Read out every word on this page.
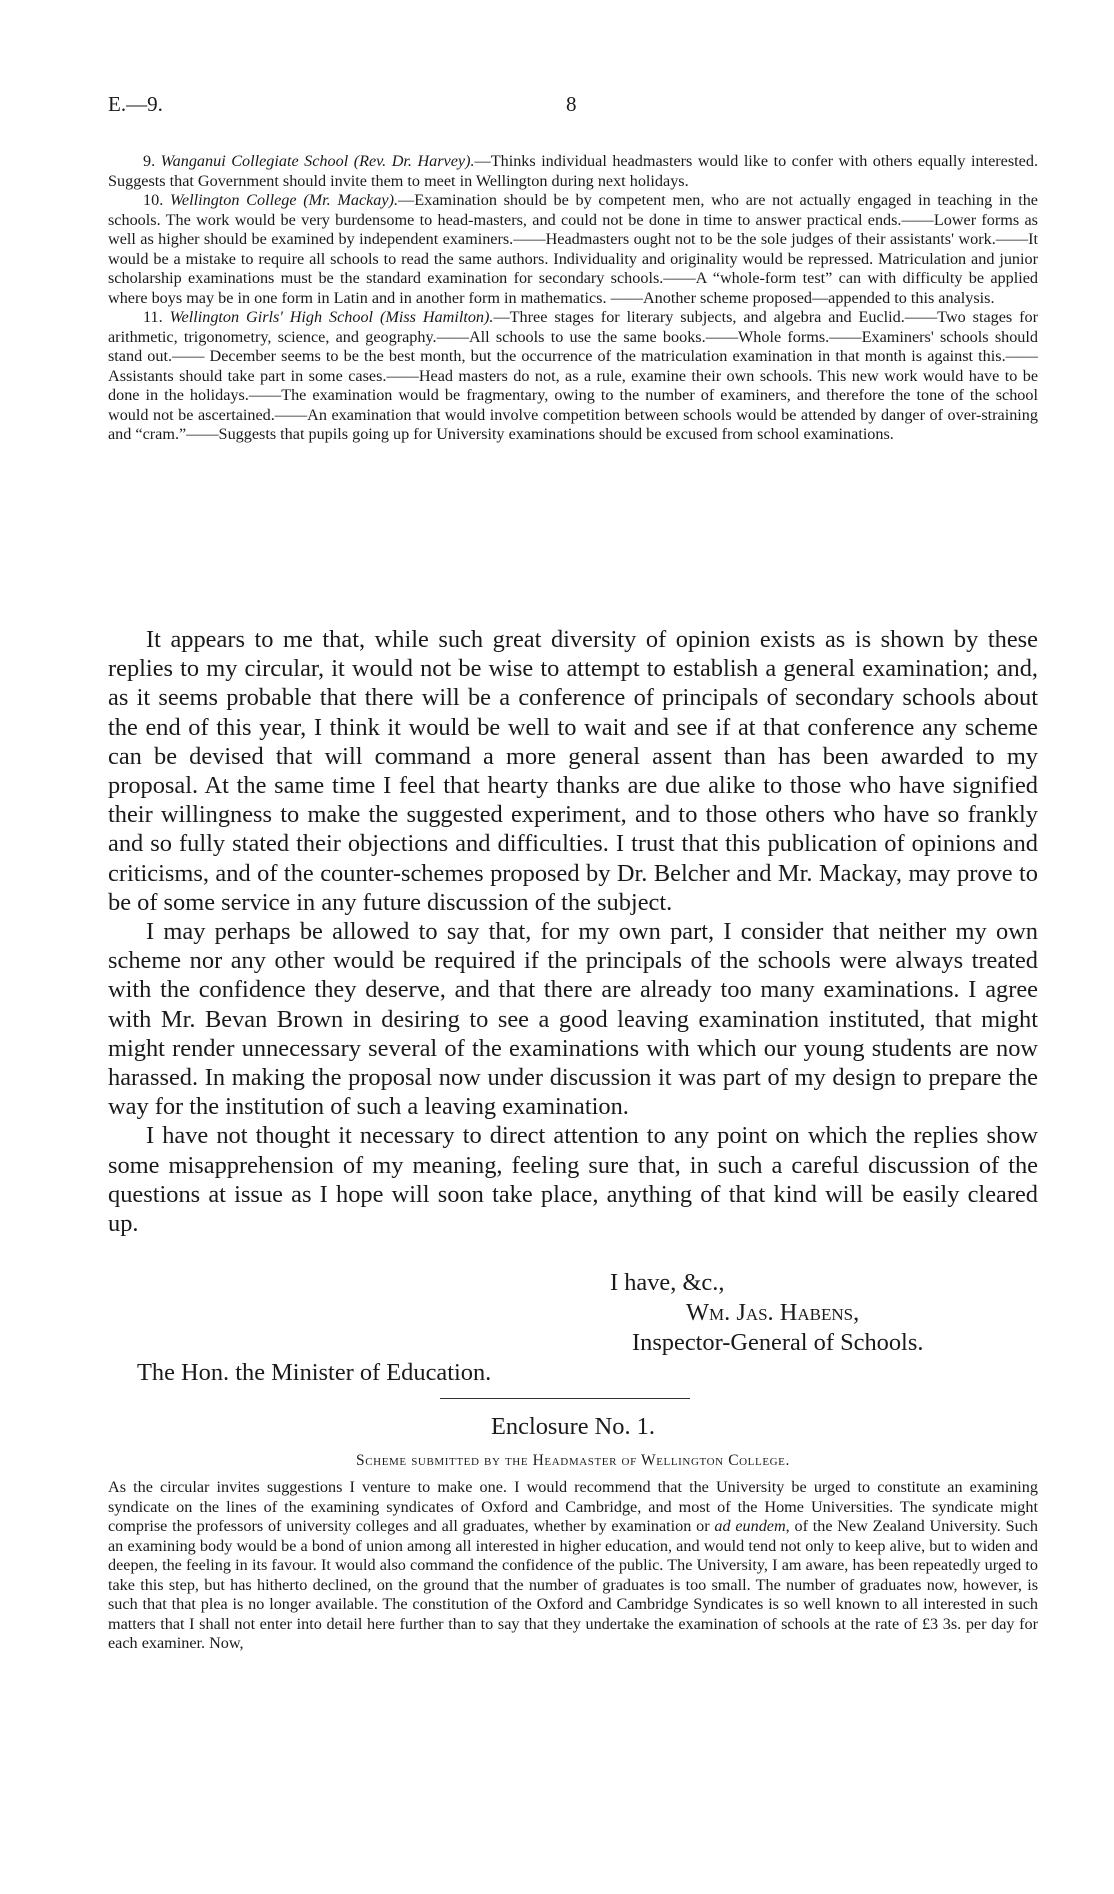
E.—9.	8

9. Wanganui Collegiate School (Rev. Dr. Harvey).—Thinks individual headmasters would like to confer with others equally interested. Suggests that Government should invite them to meet in Wellington during next holidays.

10. Wellington College (Mr. Mackay).—Examination should be by competent men, who are not actually engaged in teaching in the schools. The work would be very burdensome to head-masters, and could not be done in time to answer practical ends.——Lower forms as well as higher should be examined by independent examiners.——Headmasters ought not to be the sole judges of their assistants' work.——It would be a mistake to require all schools to read the same authors. Individuality and originality would be repressed. Matriculation and junior scholarship examinations must be the standard examination for secondary schools.——A “whole-form test” can with difficulty be applied where boys may be in one form in Latin and in another form in mathematics. ——Another scheme proposed—appended to this analysis.

11. Wellington Girls' High School (Miss Hamilton).—Three stages for literary subjects, and algebra and Euclid.——Two stages for arithmetic, trigonometry, science, and geography.——All schools to use the same books.——Whole forms.——Examiners' schools should stand out.—— December seems to be the best month, but the occurrence of the matriculation examination in that month is against this.——Assistants should take part in some cases.——Head masters do not, as a rule, examine their own schools. This new work would have to be done in the holidays.——The examination would be fragmentary, owing to the number of examiners, and therefore the tone of the school would not be ascertained.——An examination that would involve competition between schools would be attended by danger of over-straining and “cram.”——Suggests that pupils going up for University examinations should be excused from school examinations.

It appears to me that, while such great diversity of opinion exists as is shown by these replies to my circular, it would not be wise to attempt to establish a general examination; and, as it seems probable that there will be a conference of principals of secondary schools about the end of this year, I think it would be well to wait and see if at that conference any scheme can be devised that will command a more general assent than has been awarded to my proposal. At the same time I feel that hearty thanks are due alike to those who have signified their willingness to make the suggested experiment, and to those others who have so frankly and so fully stated their objections and difficulties. I trust that this publication of opinions and criticisms, and of the counter-schemes proposed by Dr. Belcher and Mr. Mackay, may prove to be of some service in any future discussion of the subject.

I may perhaps be allowed to say that, for my own part, I consider that neither my own scheme nor any other would be required if the principals of the schools were always treated with the confidence they deserve, and that there are already too many examinations. I agree with Mr. Bevan Brown in desiring to see a good leaving examination instituted, that might might render unnecessary several of the examinations with which our young students are now harassed. In making the proposal now under discussion it was part of my design to prepare the way for the institution of such a leaving examination.

I have not thought it necessary to direct attention to any point on which the replies show some misapprehension of my meaning, feeling sure that, in such a careful discussion of the questions at issue as I hope will soon take place, anything of that kind will be easily cleared up.

I have, &c.,
Wm. Jas. Habens,
Inspector-General of Schools.
The Hon. the Minister of Education.
Enclosure No. 1.
Scheme submitted by the Headmaster of Wellington College.

As the circular invites suggestions I venture to make one. I would recommend that the University be urged to constitute an examining syndicate on the lines of the examining syndicates of Oxford and Cambridge, and most of the Home Universities. The syndicate might comprise the professors of university colleges and all graduates, whether by examination or ad eundem, of the New Zealand University. Such an examining body would be a bond of union among all interested in higher education, and would tend not only to keep alive, but to widen and deepen, the feeling in its favour. It would also command the confidence of the public. The University, I am aware, has been repeatedly urged to take this step, but has hitherto declined, on the ground that the number of graduates is too small. The number of graduates now, however, is such that that plea is no longer available. The constitution of the Oxford and Cambridge Syndicates is so well known to all interested in such matters that I shall not enter into detail here further than to say that they undertake the examination of schools at the rate of £3 3s. per day for each examiner. Now,
